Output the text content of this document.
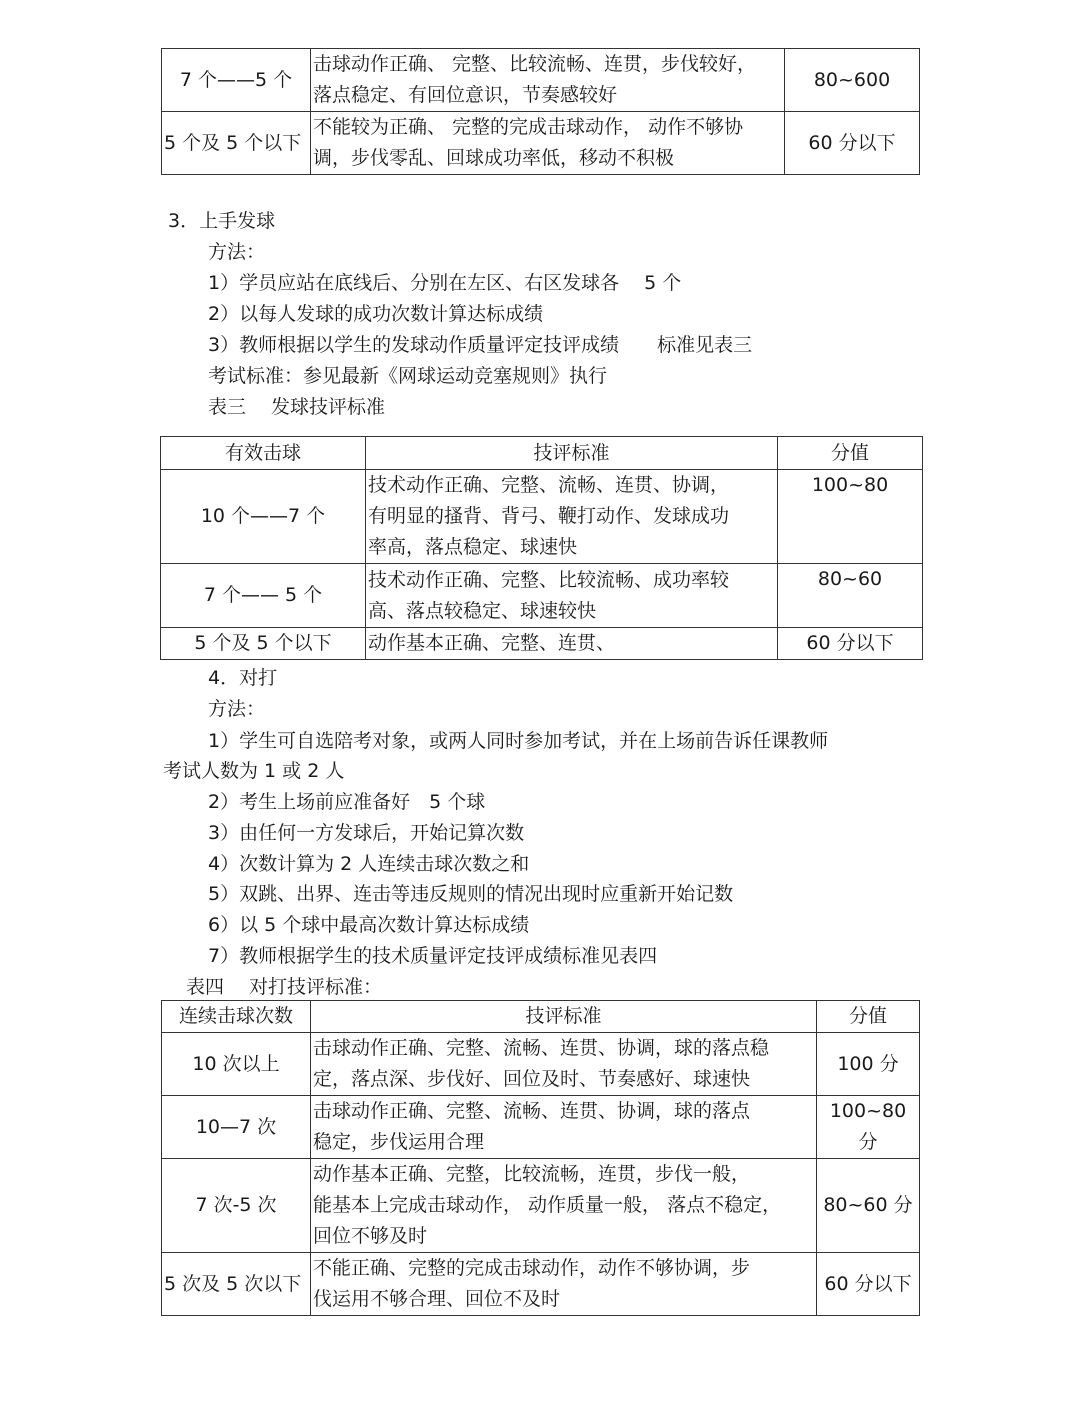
7 个——5 个	击球动作正确、 完整、比较流畅、连贯，步伐较好，
落点稳定、有回位意识，节奏感较好	80~600
5 个及 5 个以下	不能较为正确、 完整的完成击球动作， 动作不够协
调，步伐零乱、回球成功率低，移动不积极	60 分以下
3．上手发球
方法：
1）学员应站在底线后、分别在左区、右区发球各　 5 个
2）以每人发球的成功次数计算达标成绩
3）教师根据以学生的发球动作质量评定技评成绩　　标准见表三
考试标准：参见最新《网球运动竞塞规则》执行
表三　 发球技评标准
有效击球	技评标准	分值
10 个——7 个	技术动作正确、完整、流畅、连贯、协调，
有明显的搔背、背弓、鞭打动作、发球成功
率高，落点稳定、球速快	100~80
7 个—— 5 个	技术动作正确、完整、比较流畅、成功率较
高、落点较稳定、球速较快	80~60
5 个及 5 个以下	动作基本正确、完整、连贯、	60 分以下
4．对打
方法：
1）学生可自选陪考对象，或两人同时参加考试，并在上场前告诉任课教师
考试人数为 1 或 2 人
2）考生上场前应准备好　5 个球
3）由任何一方发球后，开始记算次数
4）次数计算为 2 人连续击球次数之和
5）双跳、出界、连击等违反规则的情况出现时应重新开始记数
6）以 5 个球中最高次数计算达标成绩
7）教师根据学生的技术质量评定技评成绩标准见表四
表四　 对打技评标准：
连续击球次数	技评标准	分值
10 次以上	击球动作正确、完整、流畅、连贯、协调，球的落点稳
定，落点深、步伐好、回位及时、节奏感好、球速快	100 分
10—7 次	击球动作正确、完整、流畅、连贯、协调，球的落点
稳定，步伐运用合理	100~80 分
7 次-5 次	动作基本正确、完整，比较流畅，连贯，步伐一般，
能基本上完成击球动作， 动作质量一般， 落点不稳定，
回位不够及时	80~60 分
5 次及 5 次以下	不能正确、完整的完成击球动作，动作不够协调，步
伐运用不够合理、回位不及时	60 分以下
